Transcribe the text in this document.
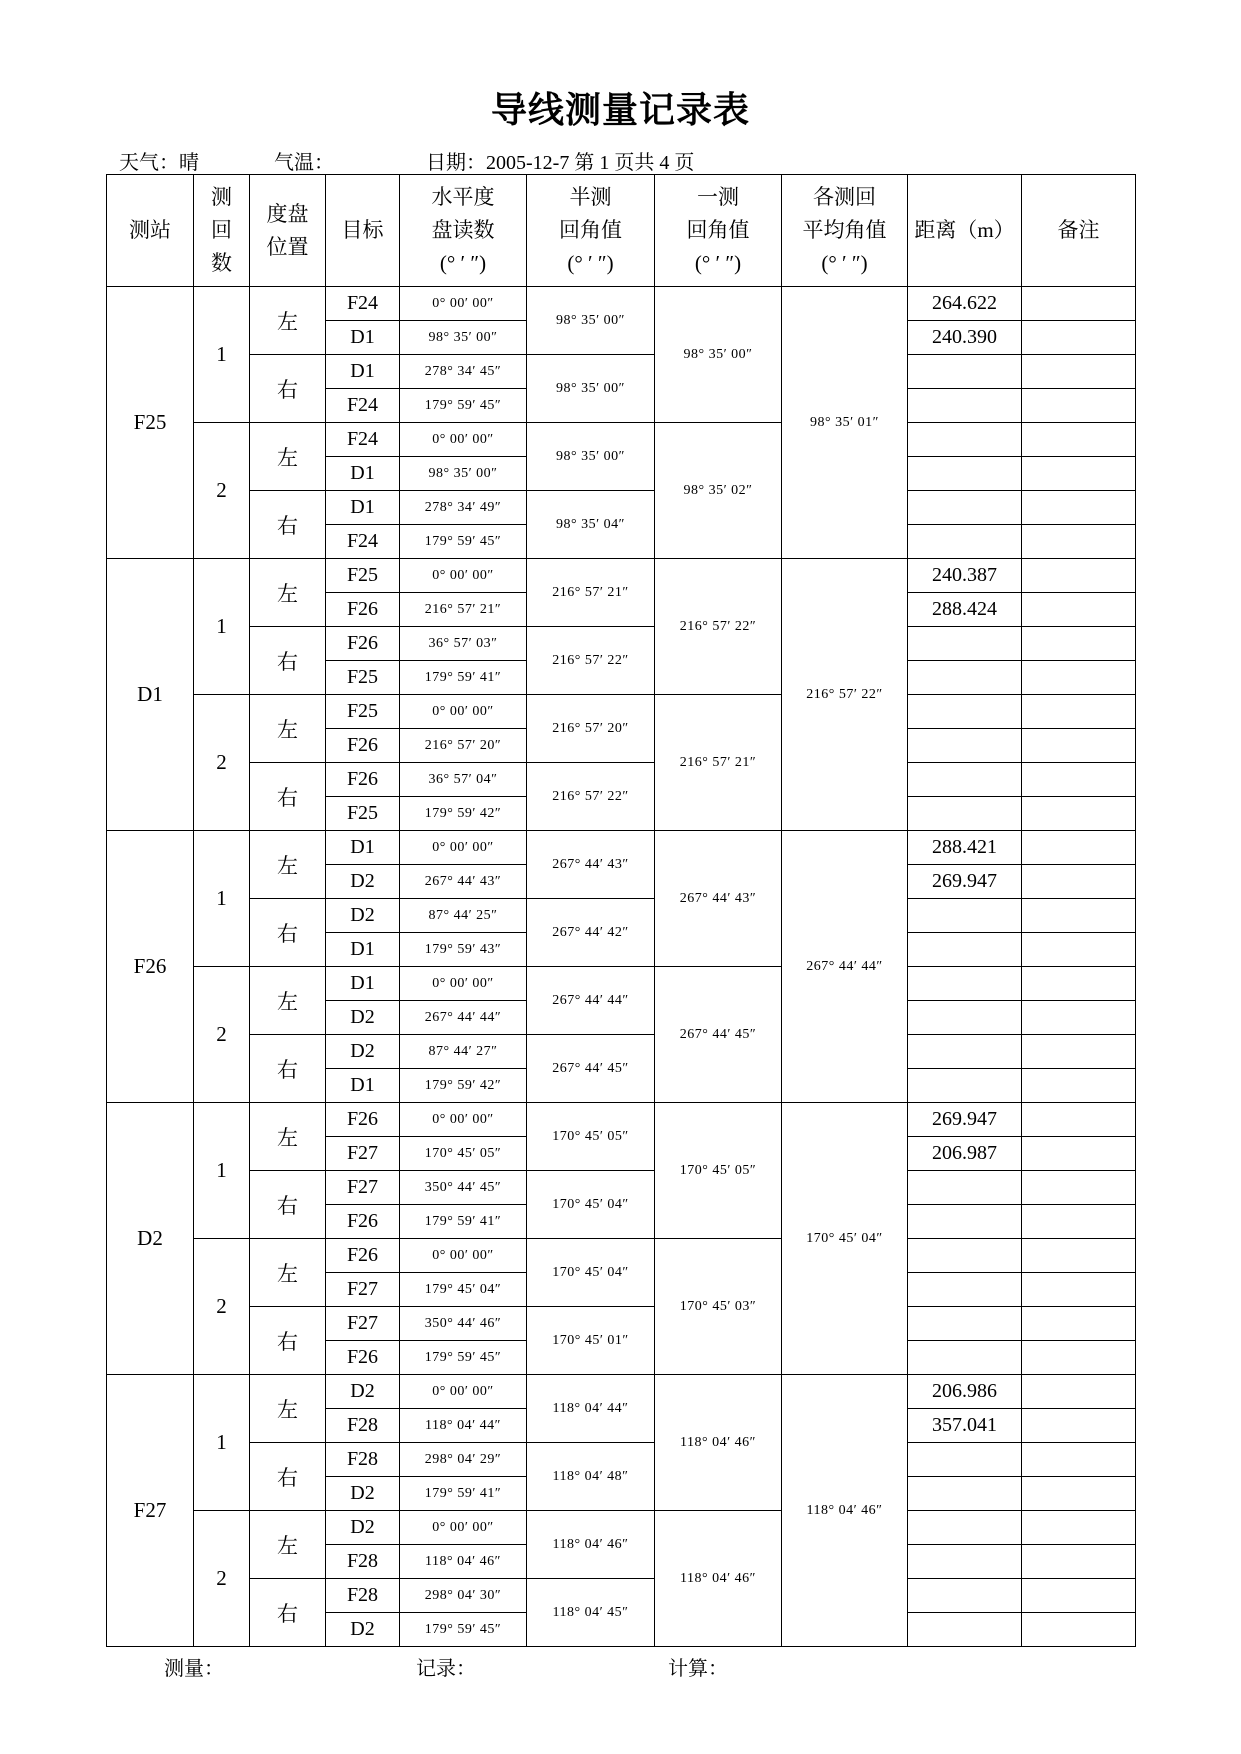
导线测量记录表
天气：晴	气温：	日期：2005-12-7 第 1 页共 4 页
测站	测
回
数	度盘
位置	目标	水平度
盘读数
(° ′ ″)	半测
回角值
(° ′ ″)	一测
回角值
(° ′ ″)	各测回
平均角值
(° ′ ″)	距离（m）	备注

F25	1	左	F24	0° 00′ 00″	98° 35′ 00″	98° 35′ 00″	98° 35′ 01″	264.622	
			D1	98° 35′ 00″				240.390	
		右	D1	278° 34′ 45″	98° 35′ 00″				
			F24	179° 59′ 45″					
	2	左	F24	0° 00′ 00″	98° 35′ 00″	98° 35′ 02″			
			D1	98° 35′ 00″					
		右	D1	278° 34′ 49″	98° 35′ 04″				
			F24	179° 59′ 45″					
D1	1	左	F25	0° 00′ 00″	216° 57′ 21″	216° 57′ 22″	216° 57′ 22″	240.387	
			F26	216° 57′ 21″				288.424	
		右	F26	36° 57′ 03″	216° 57′ 22″				
			F25	179° 59′ 41″					
	2	左	F25	0° 00′ 00″	216° 57′ 20″	216° 57′ 21″			
			F26	216° 57′ 20″					
		右	F26	36° 57′ 04″	216° 57′ 22″				
			F25	179° 59′ 42″					
F26	1	左	D1	0° 00′ 00″	267° 44′ 43″	267° 44′ 43″	267° 44′ 44″	288.421	
			D2	267° 44′ 43″				269.947	
		右	D2	87° 44′ 25″	267° 44′ 42″				
			D1	179° 59′ 43″					
	2	左	D1	0° 00′ 00″	267° 44′ 44″	267° 44′ 45″			
			D2	267° 44′ 44″					
		右	D2	87° 44′ 27″	267° 44′ 45″				
			D1	179° 59′ 42″					
D2	1	左	F26	0° 00′ 00″	170° 45′ 05″	170° 45′ 05″	170° 45′ 04″	269.947	
			F27	170° 45′ 05″				206.987	
		右	F27	350° 44′ 45″	170° 45′ 04″				
			F26	179° 59′ 41″					
	2	左	F26	0° 00′ 00″	170° 45′ 04″	170° 45′ 03″			
			F27	179° 45′ 04″					
		右	F27	350° 44′ 46″	170° 45′ 01″				
			F26	179° 59′ 45″					
F27	1	左	D2	0° 00′ 00″	118° 04′ 44″	118° 04′ 46″	118° 04′ 46″	206.986	
			F28	118° 04′ 44″				357.041	
		右	F28	298° 04′ 29″	118° 04′ 48″				
			D2	179° 59′ 41″					
	2	左	D2	0° 00′ 00″	118° 04′ 46″	118° 04′ 46″			
			F28	118° 04′ 46″					
		右	F28	298° 04′ 30″	118° 04′ 45″				
			D2	179° 59′ 45″					
测量：	记录：	计算：
